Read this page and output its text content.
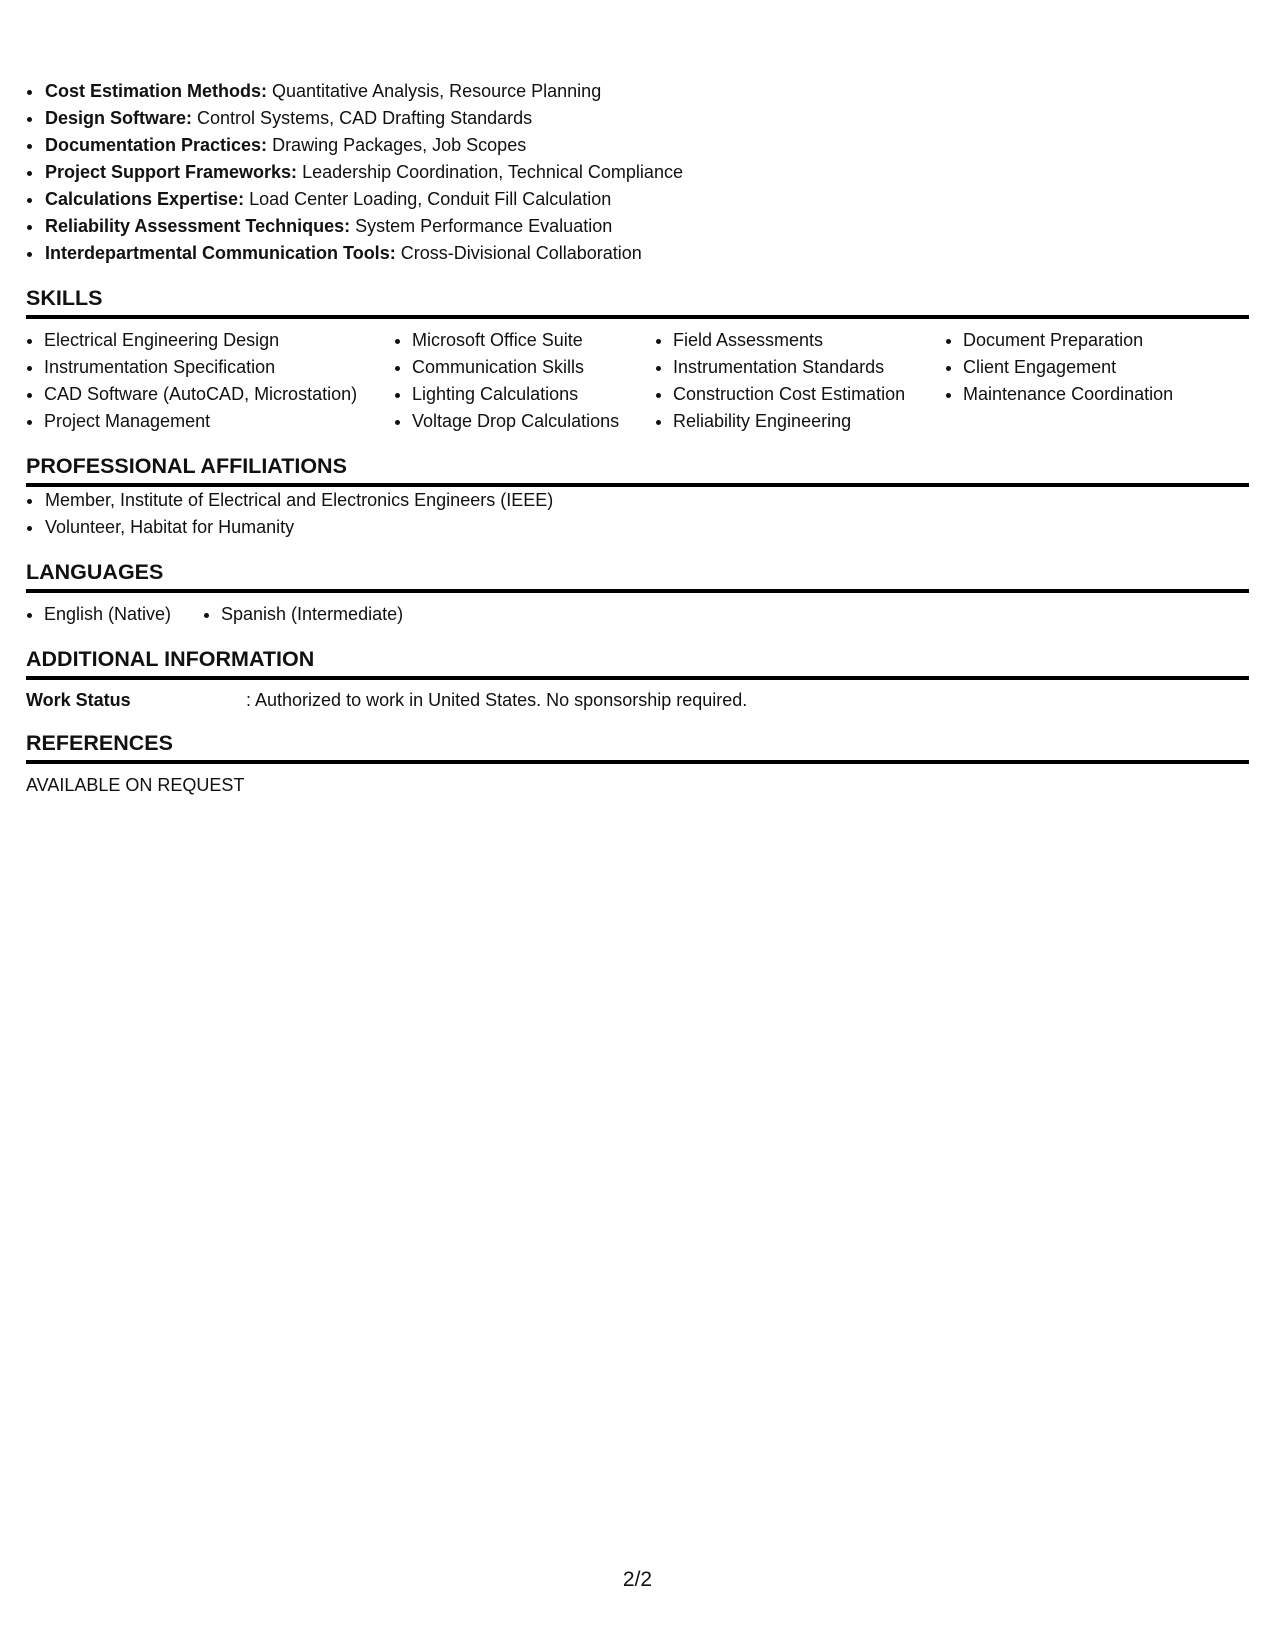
• Cost Estimation Methods: Quantitative Analysis, Resource Planning
• Design Software: Control Systems, CAD Drafting Standards
• Documentation Practices: Drawing Packages, Job Scopes
• Project Support Frameworks: Leadership Coordination, Technical Compliance
• Calculations Expertise: Load Center Loading, Conduit Fill Calculation
• Reliability Assessment Techniques: System Performance Evaluation
• Interdepartmental Communication Tools: Cross-Divisional Collaboration
SKILLS
• Electrical Engineering Design
• Instrumentation Specification
• CAD Software (AutoCAD, Microstation)
• Project Management
• Microsoft Office Suite
• Communication Skills
• Lighting Calculations
• Voltage Drop Calculations
• Field Assessments
• Instrumentation Standards
• Construction Cost Estimation
• Reliability Engineering
• Document Preparation
• Client Engagement
• Maintenance Coordination
PROFESSIONAL AFFILIATIONS
• Member, Institute of Electrical and Electronics Engineers (IEEE)
• Volunteer, Habitat for Humanity
LANGUAGES
• English (Native)
•	Spanish (Intermediate)
ADDITIONAL INFORMATION
Work Status	: Authorized to work in United States. No sponsorship required.
REFERENCES
AVAILABLE ON REQUEST
2/2
